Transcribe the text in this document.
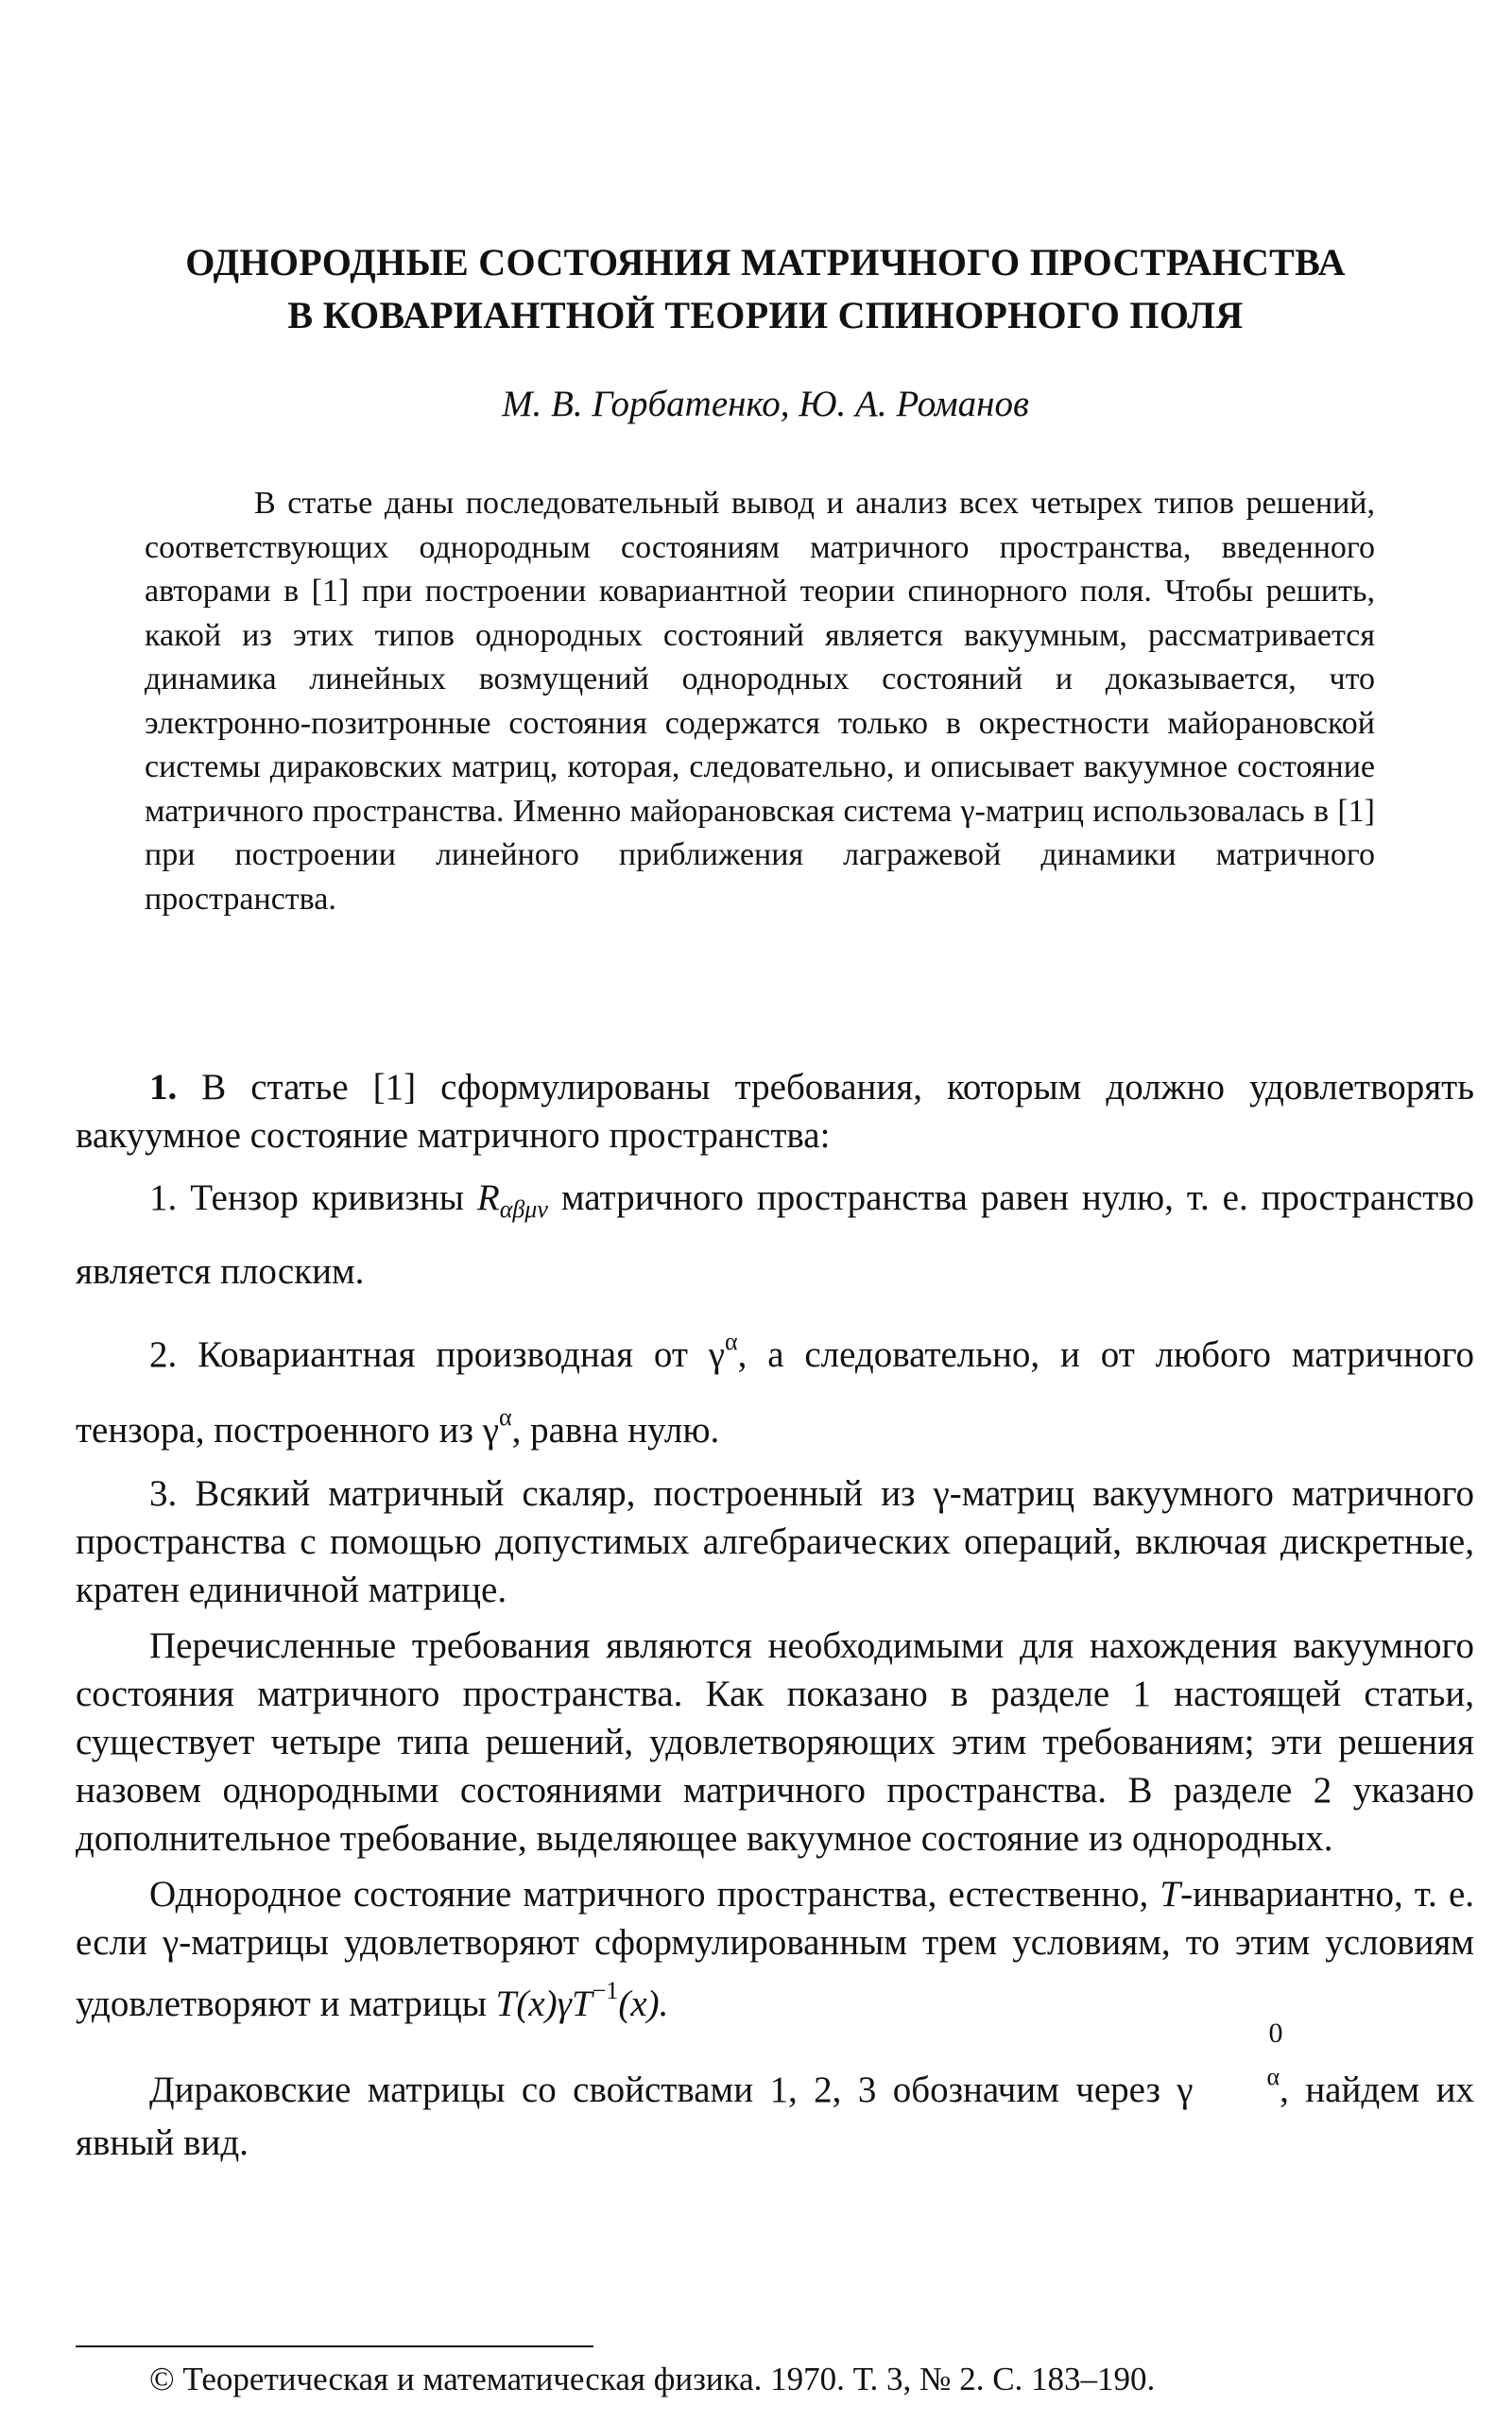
ОДНОРОДНЫЕ СОСТОЯНИЯ МАТРИЧНОГО ПРОСТРАНСТВА
В КОВАРИАНТНОЙ ТЕОРИИ СПИНОРНОГО ПОЛЯ
М. В. Горбатенко, Ю. А. Романов
В статье даны последовательный вывод и анализ всех четырех типов решений, соответствующих однородным состояниям матричного пространства, введенного авторами в [1] при построении ковариантной теории спинорного поля. Чтобы решить, какой из этих типов однородных состояний является вакуумным, рассматривается динамика линейных возмущений однородных состояний и доказывается, что электронно-позитронные состояния содержатся только в окрестности майорановской системы дираковских матриц, которая, следовательно, и описывает вакуумное состояние матричного пространства. Именно майорановская система γ-матриц использовалась в [1] при построении линейного приближения лагражевой динамики матричного пространства.

1. В статье [1] сформулированы требования, которым должно удовлетворять вакуумное состояние матричного пространства:

1. Тензор кривизны $R_{\alpha\beta\mu\nu}$ матричного пространства равен нулю, т. е. пространство является плоским.

2. Ковариантная производная от $\gamma^\alpha$, а следовательно, и от любого матричного тензора, построенного из $\gamma^\alpha$, равна нулю.

3. Всякий матричный скаляр, построенный из γ-матриц вакуумного матричного пространства с помощью допустимых алгебраических операций, включая дискретные, кратен единичной матрице.

Перечисленные требования являются необходимыми для нахождения вакуумного состояния матричного пространства. Как показано в разделе 1 настоящей статьи, существует четыре типа решений, удовлетворяющих этим требованиям; эти решения назовем однородными состояниями матричного пространства. В разделе 2 указано дополнительное требование, выделяющее вакуумное состояние из однородных.

Однородное состояние матричного пространства, естественно, T-инвариантно, т. е. если γ-матрицы удовлетворяют сформулированным трем условиям, то этим условиям удовлетворяют и матрицы $T(x)\gamma T^{-1}(x)$.

Дираковские матрицы со свойствами 1, 2, 3 обозначим через γ
0
$^\alpha$, найдем их явный вид.

© Теоретическая и математическая физика. 1970. Т. 3, № 2. С. 183–190.
